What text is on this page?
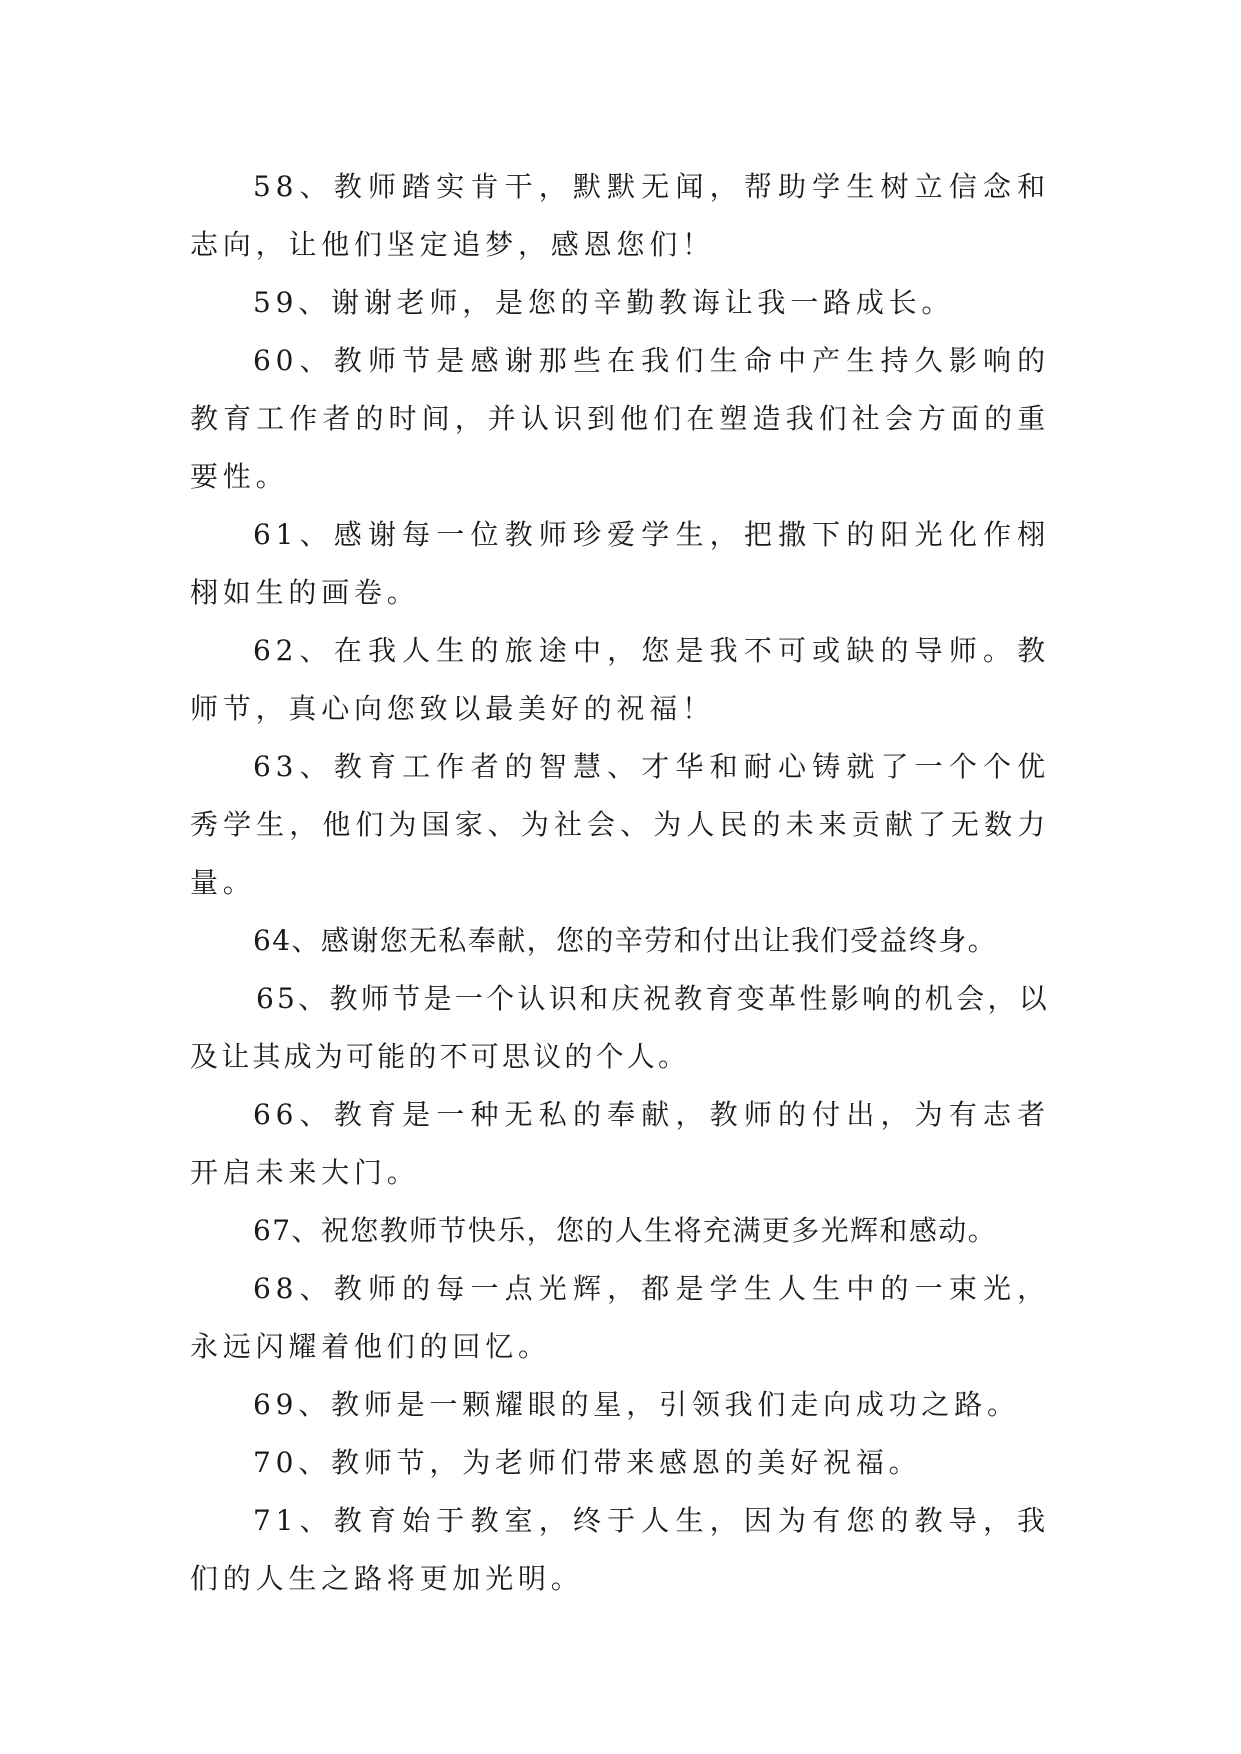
58、教师踏实肯干，默默无闻，帮助学生树立信念和志向，让他们坚定追梦，感恩您们！

59、谢谢老师，是您的辛勤教诲让我一路成长。

60、教师节是感谢那些在我们生命中产生持久影响的教育工作者的时间，并认识到他们在塑造我们社会方面的重要性。

61、感谢每一位教师珍爱学生，把撒下的阳光化作栩栩如生的画卷。

62、在我人生的旅途中，您是我不可或缺的导师。教师节，真心向您致以最美好的祝福！

63、教育工作者的智慧、才华和耐心铸就了一个个优秀学生，他们为国家、为社会、为人民的未来贡献了无数力量。

64、感谢您无私奉献，您的辛劳和付出让我们受益终身。

65、教师节是一个认识和庆祝教育变革性影响的机会，以及让其成为可能的不可思议的个人。

66、教育是一种无私的奉献，教师的付出，为有志者开启未来大门。

67、祝您教师节快乐，您的人生将充满更多光辉和感动。

68、教师的每一点光辉，都是学生人生中的一束光，永远闪耀着他们的回忆。

69、教师是一颗耀眼的星，引领我们走向成功之路。

70、教师节，为老师们带来感恩的美好祝福。

71、教育始于教室，终于人生，因为有您的教导，我们的人生之路将更加光明。
